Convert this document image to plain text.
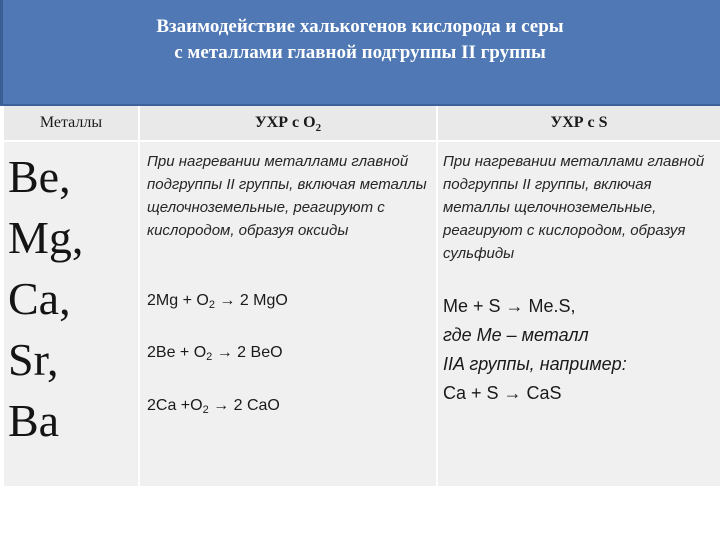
Взаимодействие халькогенов кислорода и серы
с металлами главной подгруппы II группы
Металлы	УХР с $О_2$	УХР с S
Be,
Mg,
Ca,
Sr,
Ba

При нагревании металлами главной подгруппы II группы, включая металлы щелочноземельные, реагируют с кислородом, образуя оксиды

$2Mg + O_2 \to 2$ MgO
$2Be + O_2 \to 2$ BeO
$2Ca +O_2 \to 2$ CaO

При нагревании металлами главной подгруппы II группы, включая металлы щелочноземельные, реагируют с кислородом, образуя сульфиды

Me + S → Me.S,
где Ме – металл
IIA группы, например:
Ca + S → CaS
